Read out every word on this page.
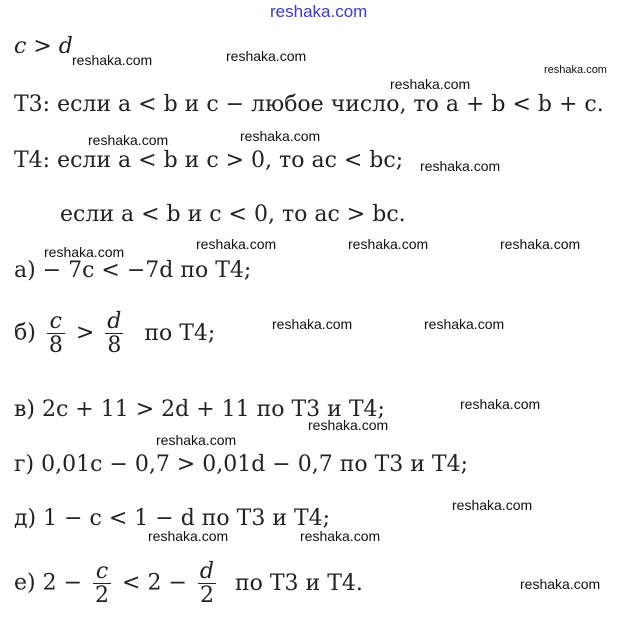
reshaka.com
c > d
Т3: если a < b и c − любое число, то a + b < b + c.
Т4: если a < b и c > 0, то ac < bc;
если a < b и c < 0, то ac > bc.
а) − 7c < −7d по Т4;
$б) \frac{c}{8} > \frac{d}{8}$ по Т4;
в) 2c + 11 > 2d + 11 по Т3 и Т4;
г) 0,01c − 0,7 > 0,01d − 0,7 по Т3 и Т4;
д) 1 − c < 1 − d по Т3 и Т4;
е) $2 - \frac{c}{2} < 2 - \frac{d}{2}$ по Т3 и Т4.
reshaka.com	reshaka.com
reshaka.com
reshaka.com
reshaka.com	reshaka.com
reshaka.com
reshaka.com	reshaka.com	reshaka.com	reshaka.com
reshaka.com	reshaka.com
reshaka.com
reshaka.com
reshaka.com
reshaka.com
reshaka.com	reshaka.com
reshaka.com
